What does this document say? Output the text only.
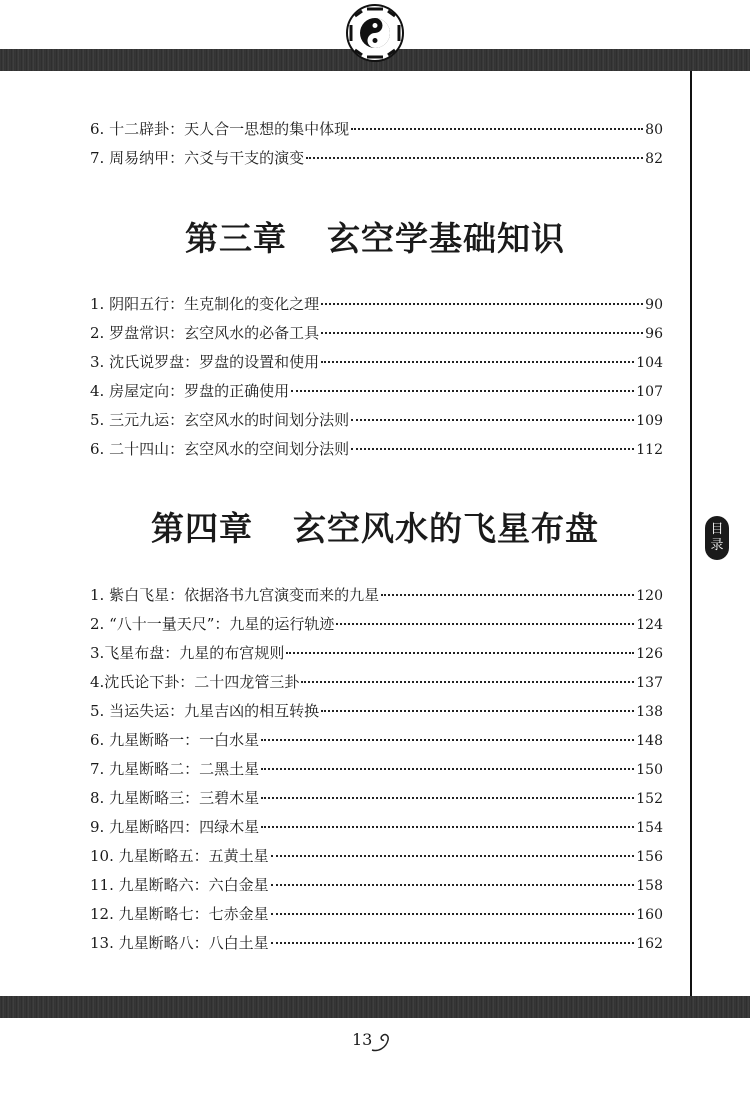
6. 十二辟卦：天人合一思想的集中体现	80
7. 周易纳甲：六爻与干支的演变	82
第三章 玄空学基础知识
1. 阴阳五行：生克制化的变化之理	90
2. 罗盘常识：玄空风水的必备工具	96
3. 沈氏说罗盘：罗盘的设置和使用	104
4. 房屋定向：罗盘的正确使用	107
5. 三元九运：玄空风水的时间划分法则	109
6. 二十四山：玄空风水的空间划分法则	112
第四章 玄空风水的飞星布盘	目
录
1. 紫白飞星：依据洛书九宫演变而来的九星	120
2. “八十一量天尺”：九星的运行轨迹	124
3.飞星布盘：九星的布宫规则	126
4.沈氏论下卦：二十四龙管三卦	137
5. 当运失运：九星吉凶的相互转换	138
6. 九星断略一：一白水星	148
7. 九星断略二：二黑土星	150
8. 九星断略三：三碧木星	152
9. 九星断略四：四绿木星	154
10. 九星断略五：五黄土星	156
11. 九星断略六：六白金星	158
12. 九星断略七：七赤金星	160
13. 九星断略八：八白土星	162
13
